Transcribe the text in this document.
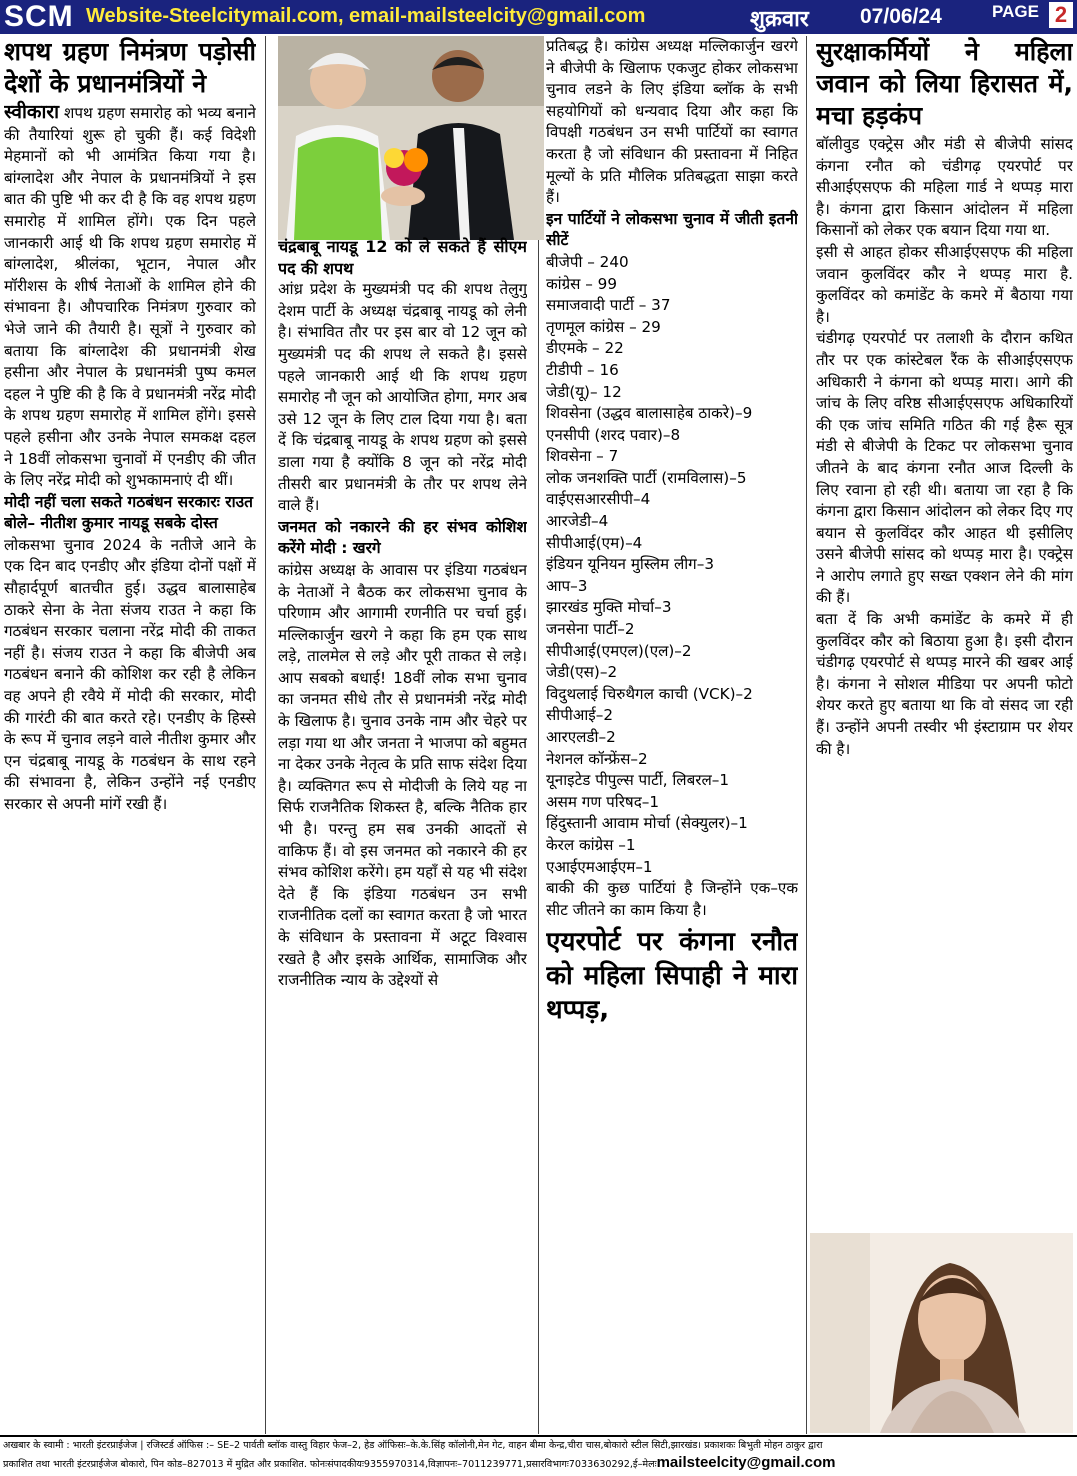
SCM Website-Steelcitymail.com, email-mailsteelcity@gmail.com	शुक्रवार 07/06/24	PAGE 2
शपथ ग्रहण निमंत्रण पड़ोसी देशों के प्रधानमंत्रियों ने

स्वीकारा शपथ ग्रहण समारोह को भव्य बनाने की तैयारियां शुरू हो चुकी हैं। कई विदेशी मेहमानों को भी आमंत्रित किया गया है। बांग्लादेश और नेपाल के प्रधानमंत्रियों ने इस बात की पुष्टि भी कर दी है कि वह शपथ ग्रहण समारोह में शामिल होंगे। एक दिन पहले जानकारी आई थी कि शपथ ग्रहण समारोह में बांग्लादेश, श्रीलंका, भूटान, नेपाल और मॉरीशस के शीर्ष नेताओं के शामिल होने की संभावना है। औपचारिक निमंत्रण गुरुवार को भेजे जाने की तैयारी है। सूत्रों ने गुरुवार को बताया कि बांग्लादेश की प्रधानमंत्री शेख हसीना और नेपाल के प्रधानमंत्री पुष्प कमल दहल ने पुष्टि की है कि वे प्रधानमंत्री नरेंद्र मोदी के शपथ ग्रहण समारोह में शामिल होंगे। इससे पहले हसीना और उनके नेपाल समकक्ष दहल ने 18वीं लोकसभा चुनावों में एनडीए की जीत के लिए नरेंद्र मोदी को शुभकामनाएं दी थीं।

मोदी नहीं चला सकते गठबंधन सरकारः राउत

बोले– नीतीश कुमार नायडू सबके दोस्त

लोकसभा चुनाव 2024 के नतीजे आने के एक दिन बाद एनडीए और इंडिया दोनों पक्षों में सौहार्दपूर्ण बातचीत हुई। उद्धव बालासाहेब ठाकरे सेना के नेता संजय राउत ने कहा कि गठबंधन सरकार चलाना नरेंद्र मोदी की ताकत नहीं है। संजय राउत ने कहा कि बीजेपी अब गठबंधन बनाने की कोशिश कर रही है लेकिन वह अपने ही रवैये में मोदी की सरकार, मोदी की गारंटी की बात करते रहे। एनडीए के हिस्से के रूप में चुनाव लड़ने वाले नीतीश कुमार और एन चंद्रबाबू नायडू के गठबंधन के साथ रहने की संभावना है, लेकिन उन्होंने नई एनडीए सरकार से अपनी मांगें रखी हैं।

चंद्रबाबू नायडू 12 को ले सकते हैं सीएम पद की शपथ

आंध्र प्रदेश के मुख्यमंत्री पद की शपथ तेलुगु देशम पार्टी के अध्यक्ष चंद्रबाबू नायडू को लेनी है। संभावित तौर पर इस बार वो 12 जून को मुख्यमंत्री पद की शपथ ले सकते है। इससे पहले जानकारी आई थी कि शपथ ग्रहण समारोह नौ जून को आयोजित होगा, मगर अब उसे 12 जून के लिए टाल दिया गया है। बता दें कि चंद्रबाबू नायडू के शपथ ग्रहण को इससे डाला गया है क्योंकि 8 जून को नरेंद्र मोदी तीसरी बार प्रधानमंत्री के तौर पर शपथ लेने वाले हैं।

जनमत को नकारने की हर संभव कोशिश करेंगे मोदी : खरगे

कांग्रेस अध्यक्ष के आवास पर इंडिया गठबंधन के नेताओं ने बैठक कर लोकसभा चुनाव के परिणाम और आगामी रणनीति पर चर्चा हुई। मल्लिकार्जुन खरगे ने कहा कि हम एक साथ लड़े, तालमेल से लड़े और पूरी ताकत से लड़े। आप सबको बधाई! 18वीं लोक सभा चुनाव का जनमत सीधे तौर से प्रधानमंत्री नरेंद्र मोदी के खिलाफ है। चुनाव उनके नाम और चेहरे पर लड़ा गया था और जनता ने भाजपा को बहुमत ना देकर उनके नेतृत्व के प्रति साफ संदेश दिया है। व्यक्तिगत रूप से मोदीजी के लिये यह ना सिर्फ राजनैतिक शिकस्त है, बल्कि नैतिक हार भी है। परन्तु हम सब उनकी आदतों से वाकिफ हैं। वो इस जनमत को नकारने की हर संभव कोशिश करेंगे। हम यहाँ से यह भी संदेश देते हैं कि इंडिया गठबंधन उन सभी राजनीतिक दलों का स्वागत करता है जो भारत के संविधान के प्रस्तावना में अटूट विश्वास रखते है और इसके आर्थिक, सामाजिक और राजनीतिक न्याय के उद्देश्यों से

प्रतिबद्ध है। कांग्रेस अध्यक्ष मल्लिकार्जुन खरगे ने बीजेपी के खिलाफ एकजुट होकर लोकसभा चुनाव लडने के लिए इंडिया ब्लॉक के सभी सहयोगियों को धन्यवाद दिया और कहा कि विपक्षी गठबंधन उन सभी पार्टियों का स्वागत करता है जो संविधान की प्रस्तावना में निहित मूल्यों के प्रति मौलिक प्रतिबद्धता साझा करते हैं।

इन पार्टियों ने लोकसभा चुनाव में जीती इतनी सीटें

बीजेपी – 240

कांग्रेस – 99

समाजवादी पार्टी – 37

तृणमूल कांग्रेस – 29

डीएमके – 22

टीडीपी – 16

जेडी(यू)– 12

शिवसेना (उद्धव बालासाहेब ठाकरे)–9

एनसीपी (शरद पवार)–8

शिवसेना – 7

लोक जनशक्ति पार्टी (रामविलास)–5

वाईएसआरसीपी–4

आरजेडी–4

सीपीआई(एम)–4

इंडियन यूनियन मुस्लिम लीग–3

आप–3

झारखंड मुक्ति मोर्चा–3

जनसेना पार्टी–2

सीपीआई(एमएल)(एल)–2

जेडी(एस)–2

विदुथलाई चिरुथैगल काची (VCK)–2

सीपीआई–2

आरएलडी–2

नेशनल कॉन्फ्रेंस–2

यूनाइटेड पीपुल्स पार्टी, लिबरल–1

असम गण परिषद–1

हिंदुस्तानी आवाम मोर्चा (सेक्युलर)–1

केरल कांग्रेस –1

एआईएमआईएम–1

बाकी की कुछ पार्टियां है जिन्होंने एक–एक सीट जीतने का काम किया है।

एयरपोर्ट पर कंगना रनौत को महिला सिपाही ने मारा थप्पड़,
सुरक्षाकर्मियों ने महिला जवान को लिया हिरासत में, मचा हड़कंप

बॉलीवुड एक्ट्रेस और मंडी से बीजेपी सांसद कंगना रनौत को चंडीगढ़ एयरपोर्ट पर सीआईएसएफ की महिला गार्ड ने थप्पड़ मारा है। कंगना द्वारा किसान आंदोलन में महिला किसानों को लेकर एक बयान दिया गया था.

इसी से आहत होकर सीआईएसएफ की महिला जवान कुलविंदर कौर ने थप्पड़ मारा है. कुलविंदर को कमांडेंट के कमरे में बैठाया गया है।

चंडीगढ़ एयरपोर्ट पर तलाशी के दौरान कथित तौर पर एक कांस्टेबल रैंक के सीआईएसएफ अधिकारी ने कंगना को थप्पड़ मारा। आगे की जांच के लिए वरिष्ठ सीआईएसएफ अधिकारियों की एक जांच समिति गठित की गई हैरू सूत्र मंडी से बीजेपी के टिकट पर लोकसभा चुनाव जीतने के बाद कंगना रनौत आज दिल्ली के लिए रवाना हो रही थी। बताया जा रहा है कि कंगना द्वारा किसान आंदोलन को लेकर दिए गए बयान से कुलविंदर कौर आहत थी इसीलिए उसने बीजेपी सांसद को थप्पड़ मारा है। एक्ट्रेस ने आरोप लगाते हुए सख्त एक्शन लेने की मांग की हैं।

बता दें कि अभी कमांडेंट के कमरे में ही कुलविंदर कौर को बिठाया हुआ है। इसी दौरान चंडीगढ़ एयरपोर्ट से थप्पड़ मारने की खबर आई है। कंगना ने सोशल मीडिया पर अपनी फोटो शेयर करते हुए बताया था कि वो संसद जा रही हैं। उन्होंने अपनी तस्वीर भी इंस्टाग्राम पर शेयर की है।

अखबार के स्वामी : भारती इंटरप्राईजेज | रजिस्टर्ड ऑफिस :– SE–2 पार्वती ब्लॉक वास्तु विहार फेज–2, हेड ऑफिसः–के.के.सिंह कॉलोनी,मेन गेट, वाहन बीमा केन्द्र,चीरा चास,बोकारो स्टील सिटी,झारखंड। प्रकाशकः बिभुती मोहन ठाकुर द्वारा
प्रकाशित तथा भारती इंटरप्राईजेज बोकारो, पिन कोड–827013 में मुद्रित और प्रकाशित. फोनःसंपादकीयः9355970314,विज्ञापनः–7011239771,प्रसारविभागः7033630292,ई–मेलःmailsteelcity@gmail.com
